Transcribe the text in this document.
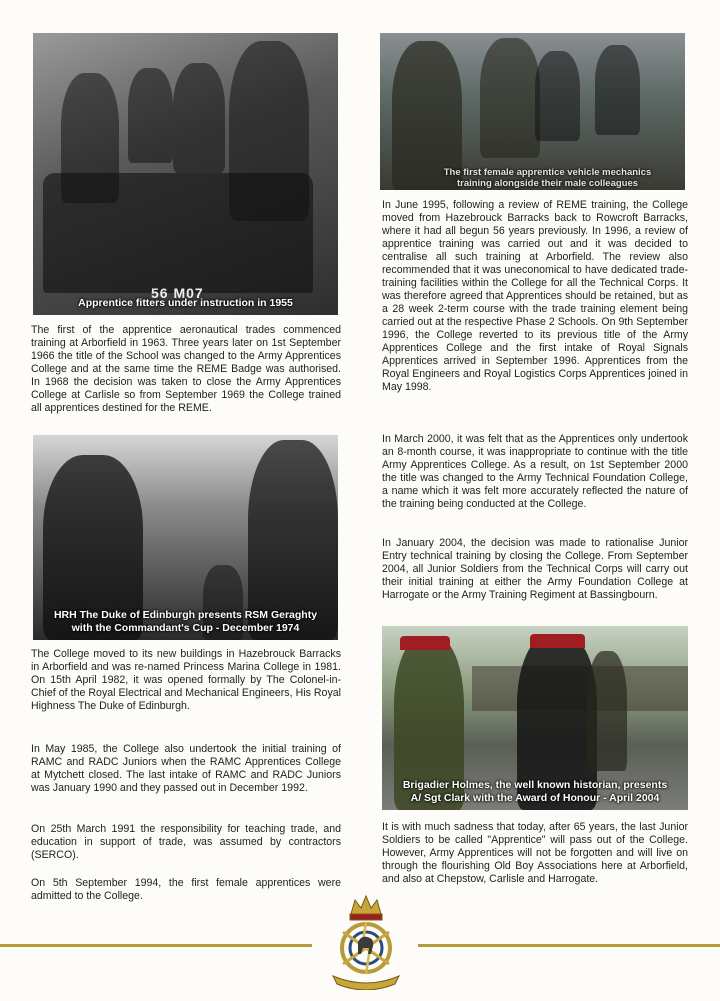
56 M07
Apprentice fitters under instruction in 1955

The first of the apprentice aeronautical trades commenced training at Arborfield in 1963. Three years later on 1st September 1966 the title of the School was changed to the Army Apprentices College and at the same time the REME Badge was authorised. In 1968 the decision was taken to close the Army Apprentices College at Carlisle so from September 1969 the College trained all apprentices destined for the REME.

HRH The Duke of Edinburgh presents RSM Geraghty
with the Commandant's Cup - December 1974

The College moved to its new buildings in Hazebrouck Barracks in Arborfield and was re-named Princess Marina College in 1981. On 15th April 1982, it was opened formally by The Colonel-in-Chief of the Royal Electrical and Mechanical Engineers, His Royal Highness The Duke of Edinburgh.

In May 1985, the College also undertook the initial training of RAMC and RADC Juniors when the RAMC Apprentices College at Mytchett closed. The last intake of RAMC and RADC Juniors was January 1990 and they passed out in December 1992.

On 25th March 1991 the responsibility for teaching trade, and education in support of trade, was assumed by contractors (SERCO).

On 5th September 1994, the first female apprentices were admitted to the College.

The first female apprentice vehicle mechanics training alongside their male colleagues

In June 1995, following a review of REME training, the College moved from Hazebrouck Barracks back to Rowcroft Barracks, where it had all begun 56 years previously. In 1996, a review of apprentice training was carried out and it was decided to centralise all such training at Arborfield. The review also recommended that it was uneconomical to have dedicated trade-training facilities within the College for all the Technical Corps. It was therefore agreed that Apprentices should be retained, but as a 28 week 2-term course with the trade training element being carried out at the respective Phase 2 Schools. On 9th September 1996, the College reverted to its previous title of the Army Apprentices College and the first intake of Royal Signals Apprentices arrived in September 1996. Apprentices from the Royal Engineers and Royal Logistics Corps Apprentices joined in May 1998.

In March 2000, it was felt that as the Apprentices only undertook an 8-month course, it was inappropriate to continue with the title Army Apprentices College. As a result, on 1st September 2000 the title was changed to the Army Technical Foundation College, a name which it was felt more accurately reflected the nature of the training being conducted at the College.

In January 2004, the decision was made to rationalise Junior Entry technical training by closing the College. From September 2004, all Junior Soldiers from the Technical Corps will carry out their initial training at either the Army Foundation College at Harrogate or the Army Training Regiment at Bassingbourn.

Brigadier Holmes, the well known historian, presents
A/ Sgt Clark with the Award of Honour - April 2004

It is with much sadness that today, after 65 years, the last Junior Soldiers to be called "Apprentice" will pass out of the College. However, Army Apprentices will not be forgotten and will live on through the flourishing Old Boy Associations here at Arborfield, and also at Chepstow, Carlisle and Harrogate.
